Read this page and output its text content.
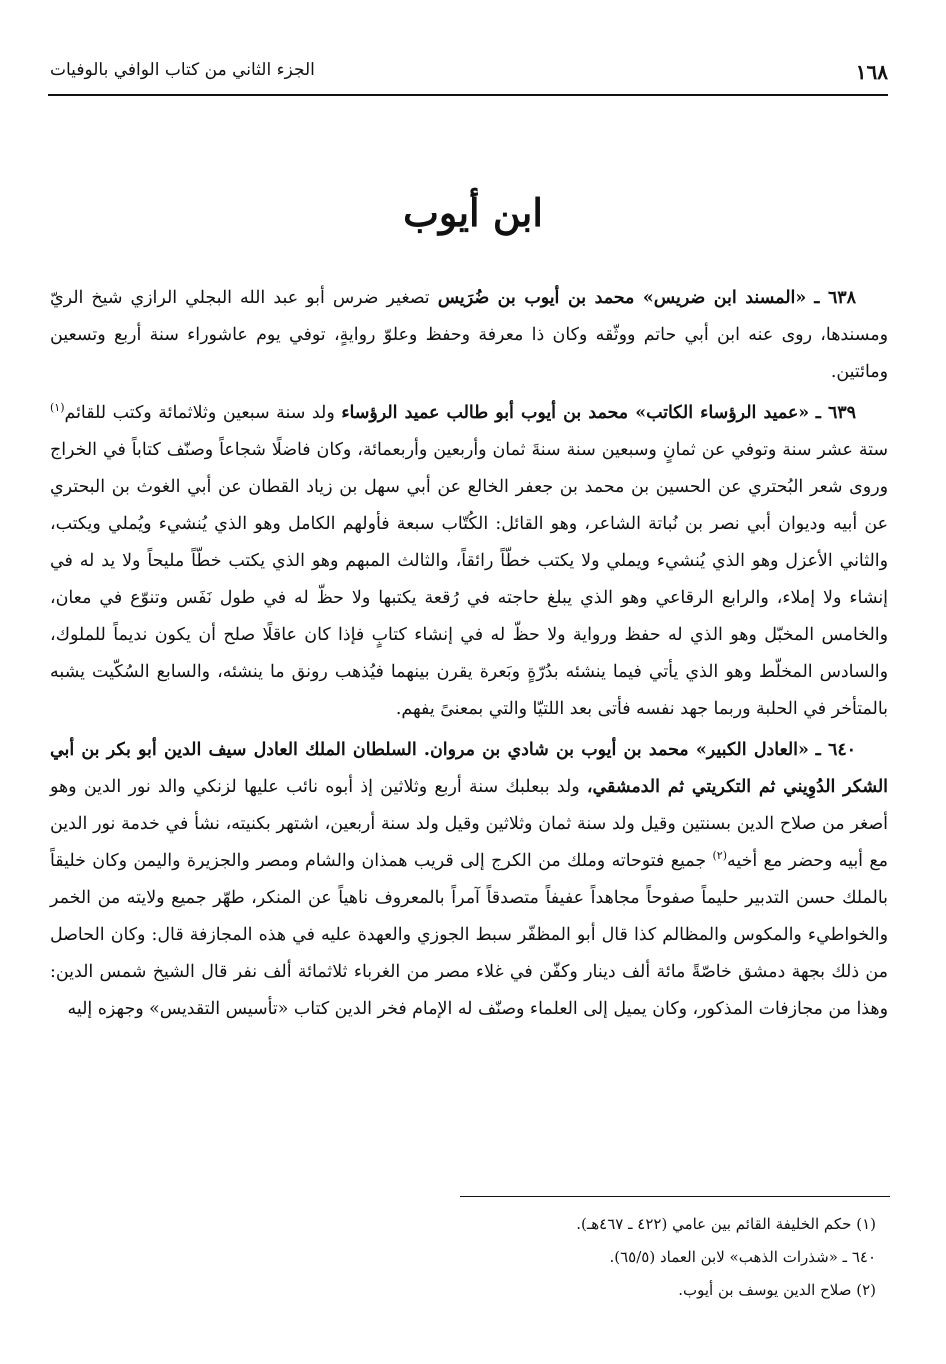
١٦٨
الجزء الثاني من كتاب الوافي بالوفيات
ابن أيوب

٦٣٨ ـ «المسند ابن ضريس» محمد بن أيوب بن ضُرَيس تصغير ضرس أبو عبد الله البجلي الرازي شيخ الريّ ومسندها، روى عنه ابن أبي حاتم ووثّقه وكان ذا معرفة وحفظ وعلوّ روايةٍ، توفي يوم عاشوراء سنة أربع وتسعين ومائتين.

٦٣٩ ـ «عميد الرؤساء الكاتب» محمد بن أيوب أبو طالب عميد الرؤساء ولد سنة سبعين وثلاثمائة وكتب للقائم$^{(١)}$ ستة عشر سنة وتوفي عن ثمانٍ وسبعين سنة سنةَ ثمان وأربعين وأربعمائة، وكان فاضلًا شجاعاً وصنّف كتاباً في الخراج وروى شعر البُحتري عن الحسين بن محمد بن جعفر الخالع عن أبي سهل بن زياد القطان عن أبي الغوث بن البحتري عن أبيه وديوان أبي نصر بن نُباتة الشاعر، وهو القائل: الكُتّاب سبعة فأولهم الكامل وهو الذي يُنشيء ويُملي ويكتب، والثاني الأعزل وهو الذي يُنشيء ويملي ولا يكتب خطّاً رائقاً، والثالث المبهم وهو الذي يكتب خطّاً مليحاً ولا يد له في إنشاء ولا إملاء، والرابع الرقاعي وهو الذي يبلغ حاجته في رُقعة يكتبها ولا حظّ له في طول نَفَس وتنوّع في معان، والخامس المخبّل وهو الذي له حفظ ورواية ولا حظّ له في إنشاء كتابٍ فإذا كان عاقلًا صلح أن يكون نديماً للملوك، والسادس المخلّط وهو الذي يأتي فيما ينشئه بدُرّةٍ وبَعرة يقرن بينهما فيُذهب رونق ما ينشئه، والسابع السُكّيت يشبه بالمتأخر في الحلبة وربما جهد نفسه فأتى بعد اللتيّا والتي بمعنىً يفهم.

٦٤٠ ـ «العادل الكبير» محمد بن أيوب بن شادي بن مروان. السلطان الملك العادل سيف الدين أبو بكر بن أبي الشكر الدُوِيني ثم التكريتي ثم الدمشقي، ولد ببعلبك سنة أربع وثلاثين إذ أبوه نائب عليها لزنكي والد نور الدين وهو أصغر من صلاح الدين بسنتين وقيل ولد سنة ثمان وثلاثين وقيل ولد سنة أربعين، اشتهر بكنيته، نشأ في خدمة نور الدين مع أبيه وحضر مع أخيه$^{(٢)}$ جميع فتوحاته وملك من الكرج إلى قريب همذان والشام ومصر والجزيرة واليمن وكان خليقاً بالملك حسن التدبير حليماً صفوحاً مجاهداً عفيفاً متصدقاً آمراً بالمعروف ناهياً عن المنكر، طهّر جميع ولايته من الخمر والخواطيء والمكوس والمظالم كذا قال أبو المظفّر سبط الجوزي والعهدة عليه في هذه المجازفة قال: وكان الحاصل من ذلك بجهة دمشق خاصّةً مائة ألف دينار وكفّن في غلاء مصر من الغرباء ثلاثمائة ألف نفر قال الشيخ شمس الدين: وهذا من مجازفات المذكور، وكان يميل إلى العلماء وصنّف له الإمام فخر الدين كتاب «تأسيس التقديس» وجهزه إليه

(١) حكم الخليفة القائم بين عامي (٤٢٢ ـ ٤٦٧هـ).
٦٤٠ ـ «شذرات الذهب» لابن العماد (٦٥/٥).
(٢) صلاح الدين يوسف بن أيوب.
